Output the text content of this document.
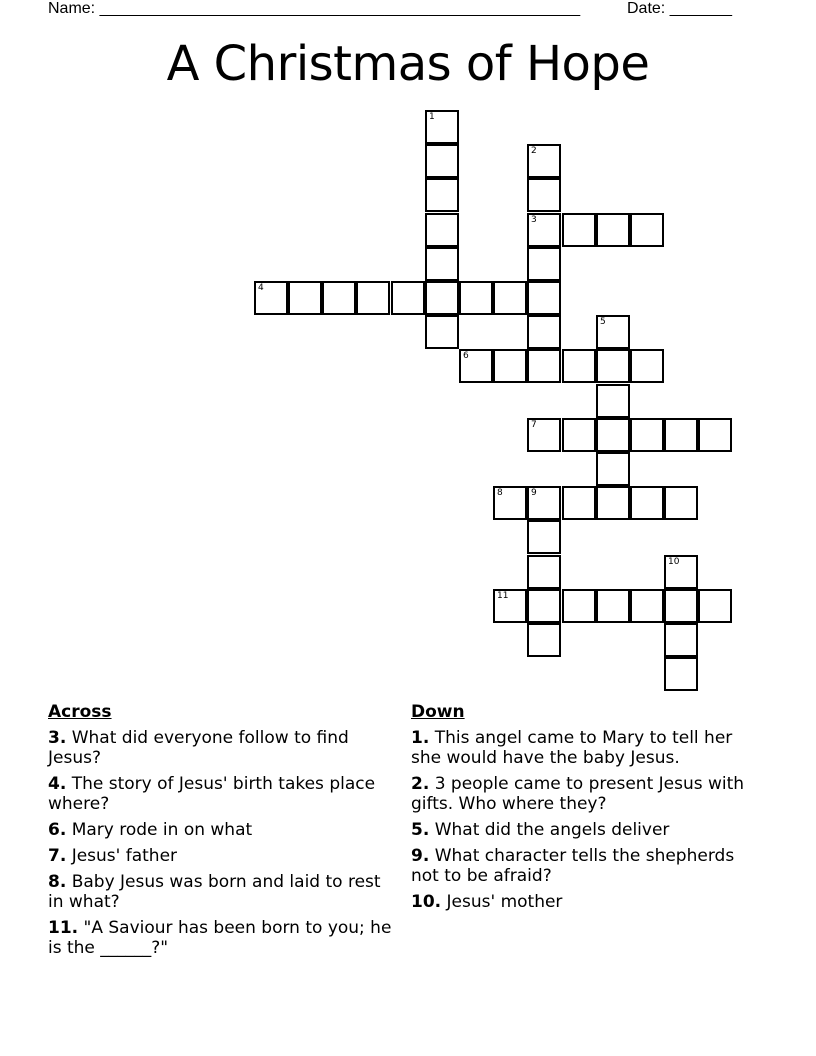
Name: ______________________________________________________	Date: _______
A Christmas of Hope
1
2
3
4
6
5
7
8	9
10
11
Across
3. What did everyone follow to find Jesus?
4. The story of Jesus' birth takes place where?
6. Mary rode in on what
7. Jesus' father
8. Baby Jesus was born and laid to rest in what?
11. "A Saviour has been born to you; he is the ______?"
Down
1. This angel came to Mary to tell her she would have the baby Jesus.
2. 3 people came to present Jesus with gifts. Who where they?
5. What did the angels deliver
9. What character tells the shepherds not to be afraid?
10. Jesus' mother
